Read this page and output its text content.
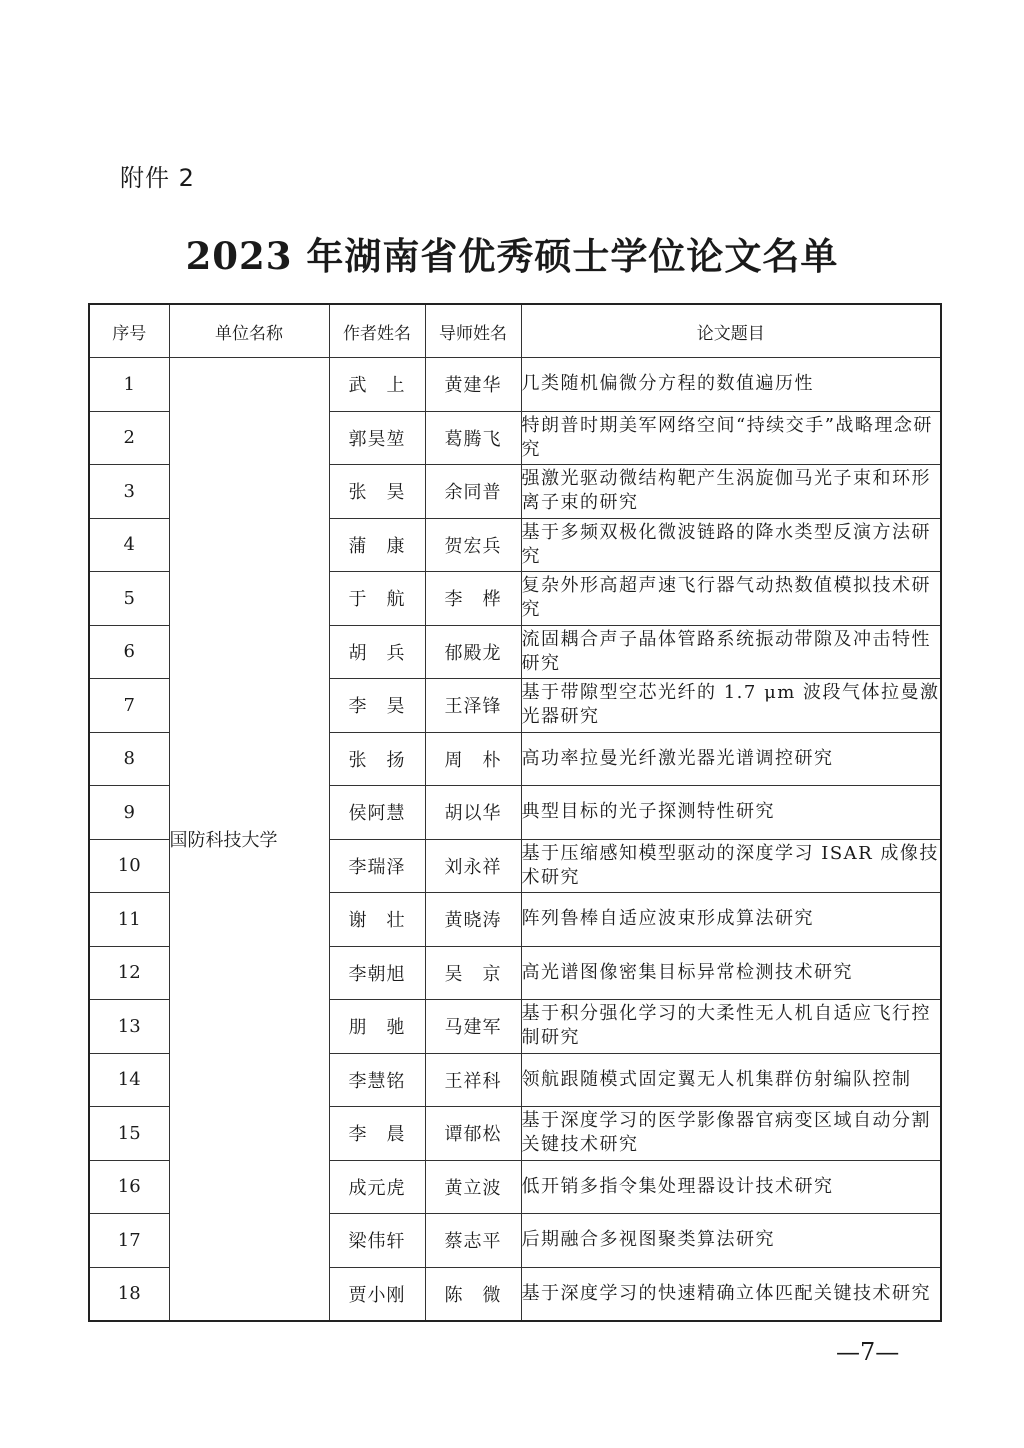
附件 2
2023 年湖南省优秀硕士学位论文名单
序号	单位名称	作者姓名	导师姓名	论文题目
1	国防科技大学	武　上	黄建华	几类随机偏微分方程的数值遍历性
2		郭昊堃	葛腾飞	特朗普时期美军网络空间“持续交手”战略理念研究
3		张　昊	余同普	强激光驱动微结构靶产生涡旋伽马光子束和环形离子束的研究
4		蒲　康	贺宏兵	基于多频双极化微波链路的降水类型反演方法研究
5		于　航	李　桦	复杂外形高超声速飞行器气动热数值模拟技术研究
6		胡　兵	郁殿龙	流固耦合声子晶体管路系统振动带隙及冲击特性研究
7		李　昊	王泽锋	基于带隙型空芯光纤的 1.7 μm 波段气体拉曼激光器研究
8		张　扬	周　朴	高功率拉曼光纤激光器光谱调控研究
9		侯阿慧	胡以华	典型目标的光子探测特性研究
10		李瑞泽	刘永祥	基于压缩感知模型驱动的深度学习 ISAR 成像技术研究
11		谢　壮	黄晓涛	阵列鲁棒自适应波束形成算法研究
12		李朝旭	吴　京	高光谱图像密集目标异常检测技术研究
13		朋　驰	马建军	基于积分强化学习的大柔性无人机自适应飞行控制研究
14		李慧铭	王祥科	领航跟随模式固定翼无人机集群仿射编队控制
15		李　晨	谭郁松	基于深度学习的医学影像器官病变区域自动分割关键技术研究
16		成元虎	黄立波	低开销多指令集处理器设计技术研究
17		梁伟轩	蔡志平	后期融合多视图聚类算法研究
18		贾小刚	陈　微	基于深度学习的快速精确立体匹配关键技术研究
—7—
